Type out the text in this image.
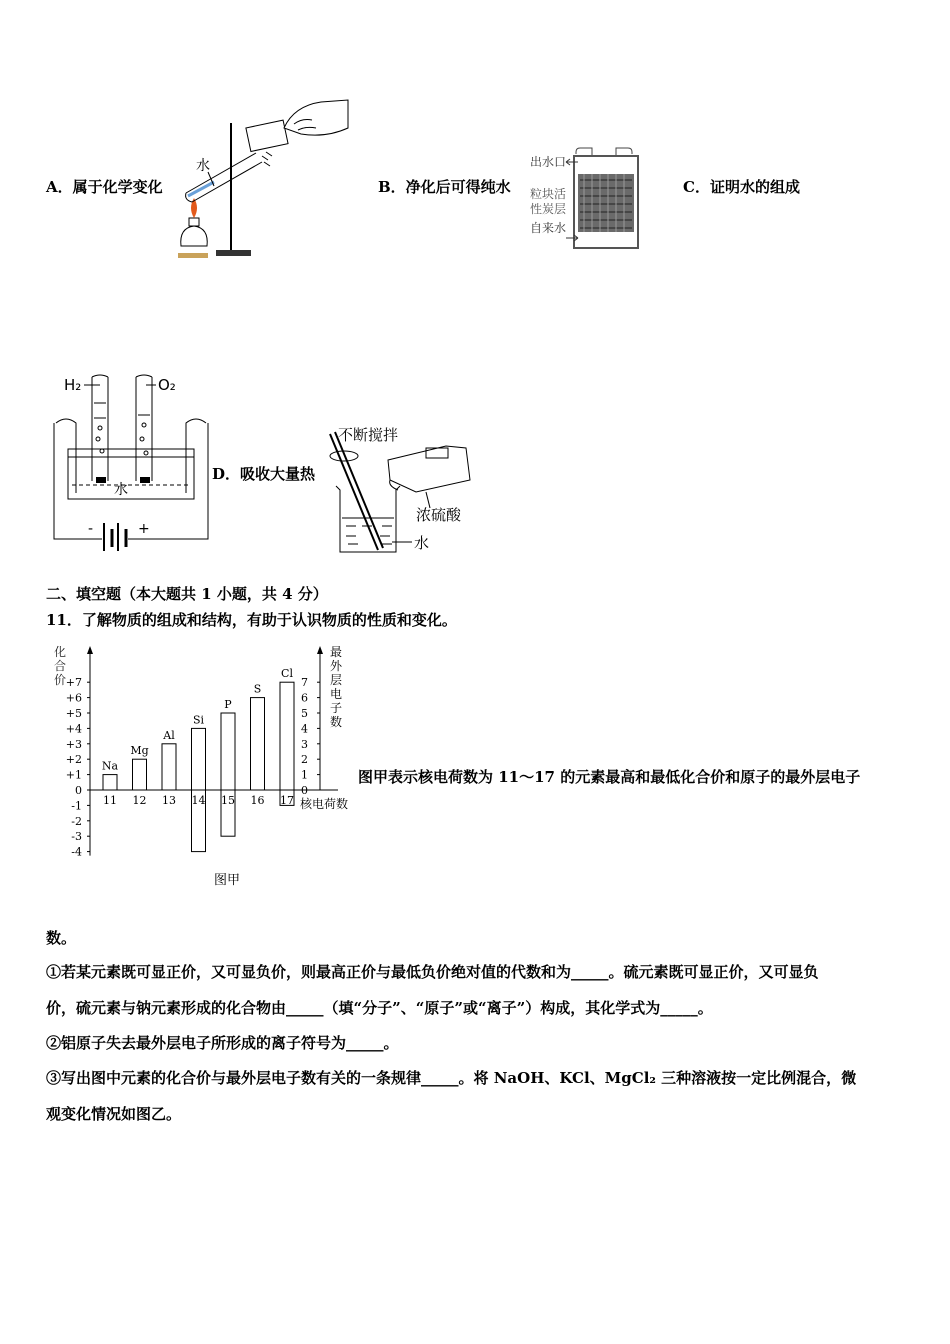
A．属于化学变化
水
B．净化后可得纯水
出水口
粒块活
性炭层
自来水
C．证明水的组成
H₂	O₂
水
-	+
D．吸收大量热
不断搅拌
浓硫酸
水
二、填空题（本大题共 1 小题，共 4 分）
11．了解物质的组成和结构，有助于认识物质的性质和变化。
化
合
价 +7
+6
+5
+4
+3
+2
+1
0
-1
-2
-3
-4
7
6
5
4
3
2
1
0
最
外
层
电
子
数
核电荷数
Na
11
Mg
12
Al
13
Si
14
P
15
S
16
Cl
17
图甲
图甲表示核电荷数为 11～17 的元素最高和最低化合价和原子的最外层电子
数。
①若某元素既可显正价，又可显负价，则最高正价与最低负价绝对值的代数和为_____。硫元素既可显正价，又可显负
价，硫元素与钠元素形成的化合物由_____（填“分子”、“原子”或“离子”）构成，其化学式为_____。
②铝原子失去最外层电子所形成的离子符号为_____。
③写出图中元素的化合价与最外层电子数有关的一条规律_____。将 NaOH、KCl、MgCl₂ 三种溶液按一定比例混合，微
观变化情况如图乙。
